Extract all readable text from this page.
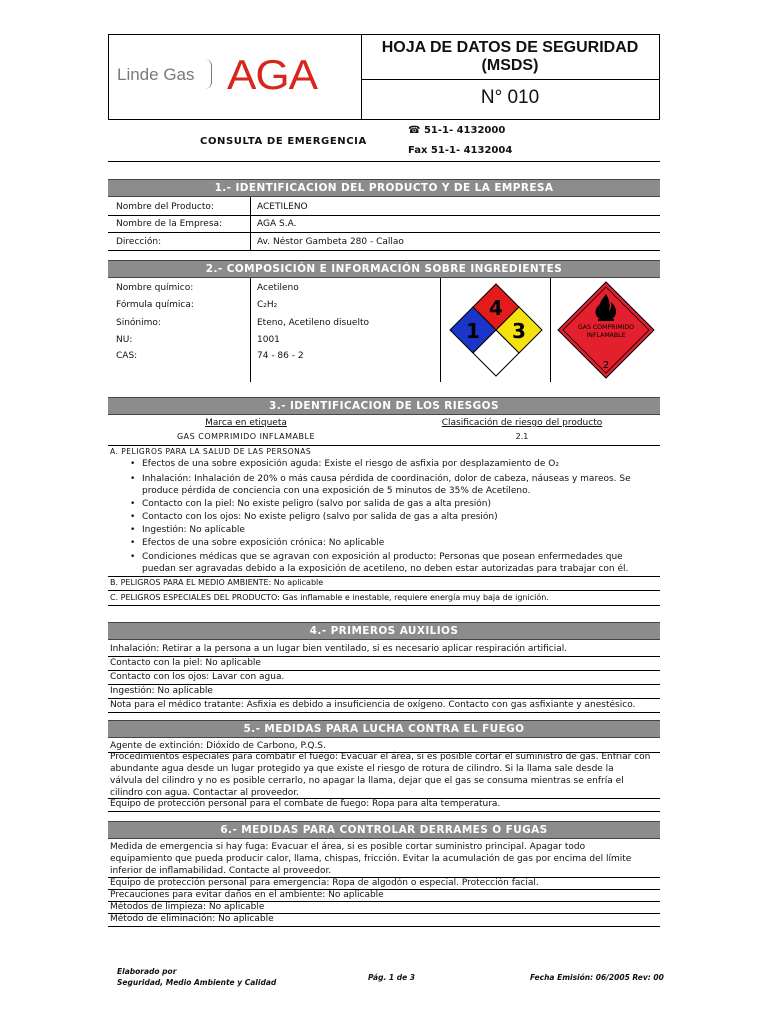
Linde Gas AGA
HOJA DE DATOS DE SEGURIDAD
(MSDS)
N° 010
CONSULTA DE EMERGENCIA
☎ 51-1- 4132000
Fax 51-1- 4132004
1.- IDENTIFICACION DEL PRODUCTO Y DE LA EMPRESA
Nombre del Producto:	ACETILENO
Nombre de la Empresa:	AGA S.A.
Dirección:	Av. Néstor Gambeta 280 - Callao
2.- COMPOSICIÓN E INFORMACIÓN SOBRE INGREDIENTES
Nombre químico:	Acetileno
Fórmula química:	C₂H₂
Sinónimo:	Eteno, Acetileno disuelto
NU:	1001
CAS:	74 - 86 - 2
4
1 3	GAS COMPRIMIDO
INFLAMABLE
2
3.- IDENTIFICACION DE LOS RIESGOS
Marca en etiqueta	Clasificación de riesgo del producto
GAS COMPRIMIDO INFLAMABLE	2.1
A. PELIGROS PARA LA SALUD DE LAS PERSONAS
• Efectos de una sobre exposición aguda: Existe el riesgo de asfixia por desplazamiento de O₂
• Inhalación: Inhalación de 20% o más causa pérdida de coordinación, dolor de cabeza, náuseas y mareos. Se
produce pérdida de conciencia con una exposición de 5 minutos de 35% de Acetileno.
• Contacto con la piel: No existe peligro (salvo por salida de gas a alta presión)
• Contacto con los ojos: No existe peligro (salvo por salida de gas a alta presión)
• Ingestión: No aplicable
• Efectos de una sobre exposición crónica: No aplicable
• Condiciones médicas que se agravan con exposición al producto: Personas que posean enfermedades que
puedan ser agravadas debido a la exposición de acetileno, no deben estar autorizadas para trabajar con él.
B. PELIGROS PARA EL MEDIO AMBIENTE: No aplicable
C. PELIGROS ESPECIALES DEL PRODUCTO: Gas inflamable e inestable, requiere energía muy baja de ignición.
4.- PRIMEROS AUXILIOS
Inhalación: Retirar a la persona a un lugar bien ventilado, si es necesario aplicar respiración artificial.
Contacto con la piel: No aplicable
Contacto con los ojos: Lavar con agua.
Ingestión: No aplicable
Nota para el médico tratante: Asfixia es debido a insuficiencia de oxígeno. Contacto con gas asfixiante y anestésico.
5.- MEDIDAS PARA LUCHA CONTRA EL FUEGO
Agente de extinción: Dióxido de Carbono, P.Q.S.
Procedimientos especiales para combatir el fuego: Evacuar el área, si es posible cortar el suministro de gas. Enfriar con
abundante agua desde un lugar protegido ya que existe el riesgo de rotura de cilindro. Si la llama sale desde la
válvula del cilindro y no es posible cerrarlo, no apagar la llama, dejar que el gas se consuma mientras se enfría el
cilindro con agua. Contactar al proveedor.
Equipo de protección personal para el combate de fuego: Ropa para alta temperatura.
6.- MEDIDAS PARA CONTROLAR DERRAMES O FUGAS
Medida de emergencia si hay fuga: Evacuar el área, si es posible cortar suministro principal. Apagar todo
equipamiento que pueda producir calor, llama, chispas, fricción. Evitar la acumulación de gas por encima del límite
inferior de inflamabilidad. Contacte al proveedor.
Equipo de protección personal para emergencia: Ropa de algodón o especial. Protección facial.
Precauciones para evitar daños en el ambiente: No aplicable
Métodos de limpieza: No aplicable
Método de eliminación: No aplicable
Elaborado por
Seguridad, Medio Ambiente y Calidad
Pág. 1 de 3	Fecha Emisión: 06/2005 Rev: 00
